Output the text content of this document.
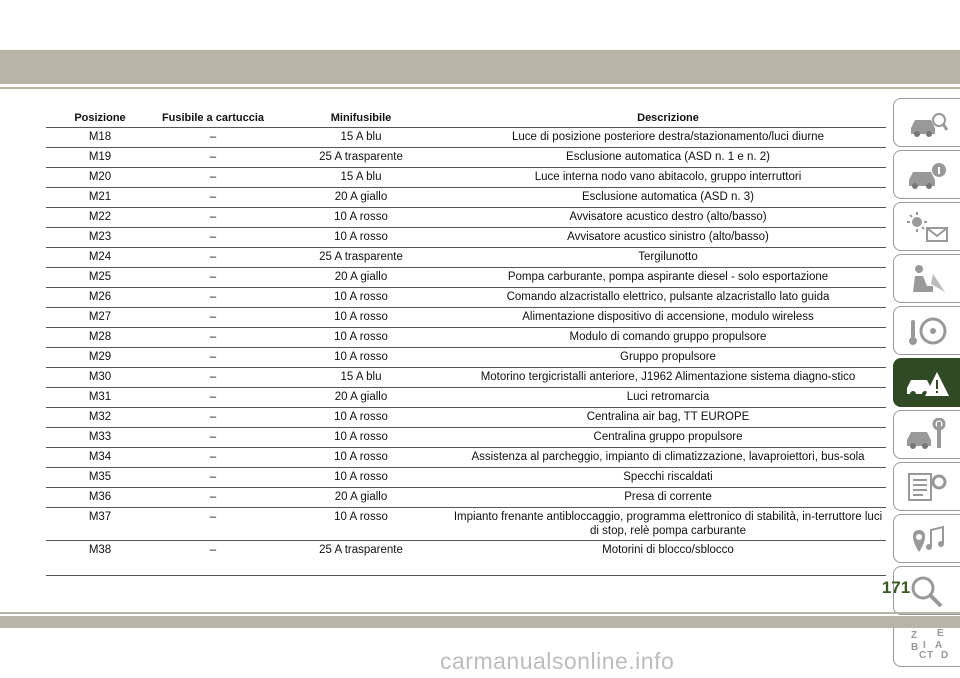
Posizione	Fusibile a cartuccia	Minifusibile	Descrizione
M18	–	15 A blu	Luce di posizione posteriore destra/stazionamento/luci diurne
M19	–	25 A trasparente	Esclusione automatica (ASD n. 1 e n. 2)
M20	–	15 A blu	Luce interna nodo vano abitacolo, gruppo interruttori
M21	–	20 A giallo	Esclusione automatica (ASD n. 3)
M22	–	10 A rosso	Avvisatore acustico destro (alto/basso)
M23	–	10 A rosso	Avvisatore acustico sinistro (alto/basso)
M24	–	25 A trasparente	Tergilunotto
M25	–	20 A giallo	Pompa carburante, pompa aspirante diesel - solo esportazione
M26	–	10 A rosso	Comando alzacristallo elettrico, pulsante alzacristallo lato guida
M27	–	10 A rosso	Alimentazione dispositivo di accensione, modulo wireless
M28	–	10 A rosso	Modulo di comando gruppo propulsore
M29	–	10 A rosso	Gruppo propulsore
M30	–	15 A blu	Motorino tergicristalli anteriore, J1962 Alimentazione sistema diagno-stico
M31	–	20 A giallo	Luci retromarcia
M32	–	10 A rosso	Centralina air bag, TT EUROPE
M33	–	10 A rosso	Centralina gruppo propulsore
M34	–	10 A rosso	Assistenza al parcheggio, impianto di climatizzazione, lavaproiettori, bus-sola
M35	–	10 A rosso	Specchi riscaldati
M36	–	20 A giallo	Presa di corrente
M37	–	10 A rosso	Impianto frenante antibloccaggio, programma elettronico di stabilità, in-terruttore luci di stop, relè pompa carburante
M38	–	25 A trasparente	Motorini di blocco/sblocco
Z E
B A
C D
T
I
171
carmanualsonline.info
